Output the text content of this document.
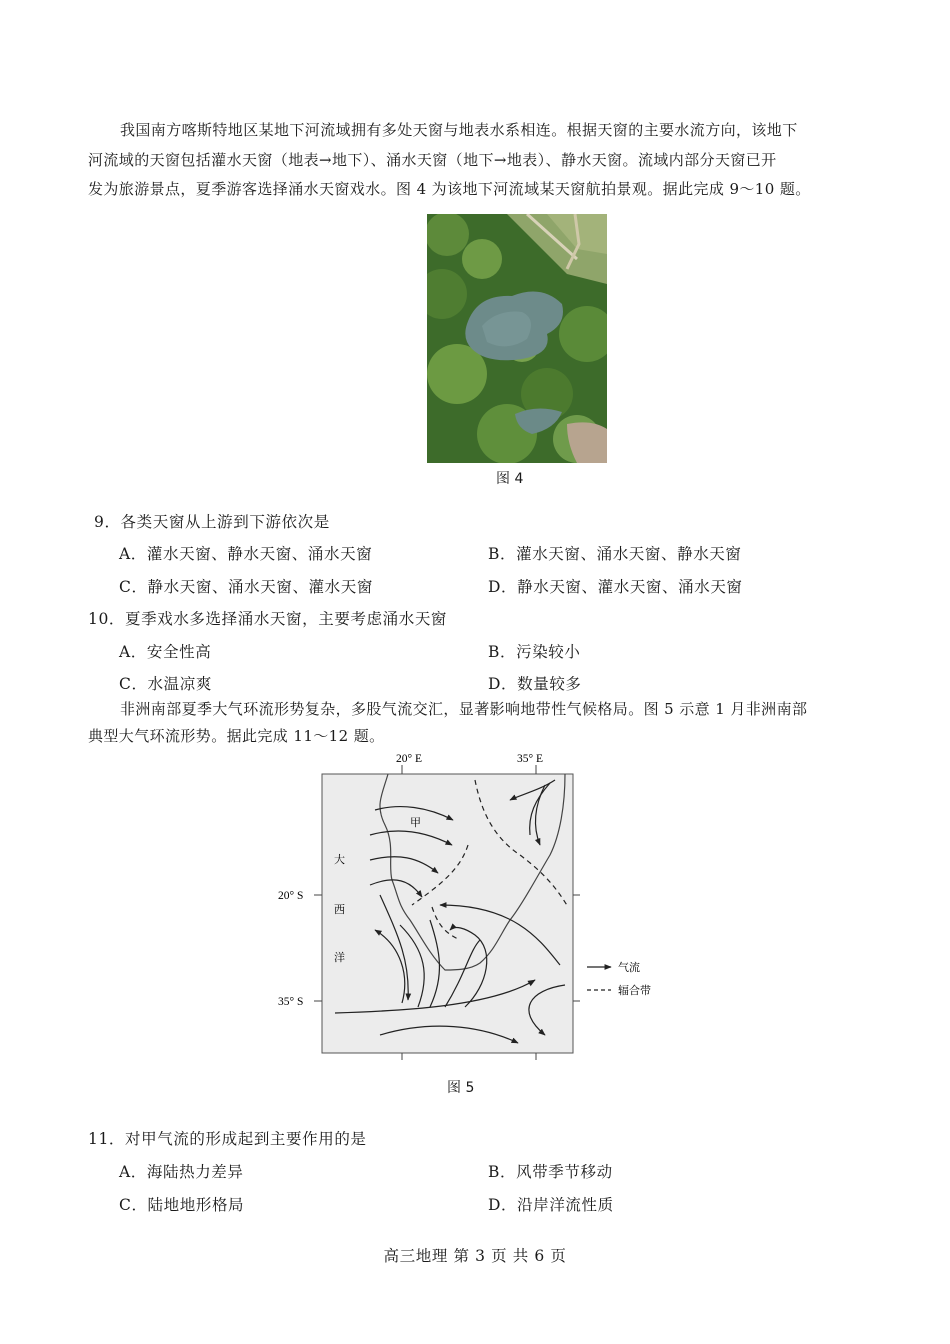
我国南方喀斯特地区某地下河流域拥有多处天窗与地表水系相连。根据天窗的主要水流方向，该地下
河流域的天窗包括灌水天窗（地表→地下）、涌水天窗（地下→地表）、静水天窗。流域内部分天窗已开
发为旅游景点，夏季游客选择涌水天窗戏水。图 4 为该地下河流域某天窗航拍景观。据此完成 9～10 题。
图 4
9．各类天窗从上游到下游依次是
A．灌水天窗、静水天窗、涌水天窗	B．灌水天窗、涌水天窗、静水天窗
C．静水天窗、涌水天窗、灌水天窗	D．静水天窗、灌水天窗、涌水天窗
10．夏季戏水多选择涌水天窗，主要考虑涌水天窗
A．安全性高	B．污染较小
C．水温凉爽	D．数量较多
非洲南部夏季大气环流形势复杂，多股气流交汇，显著影响地带性气候格局。图 5 示意 1 月非洲南部
典型大气环流形势。据此完成 11～12 题。
20° E	35° E
20° S
35° S
甲
大
西
洋
气流
辐合带
图 5
11．对甲气流的形成起到主要作用的是
A．海陆热力差异	B．风带季节移动
C．陆地地形格局	D．沿岸洋流性质
高三地理 第 3 页 共 6 页
